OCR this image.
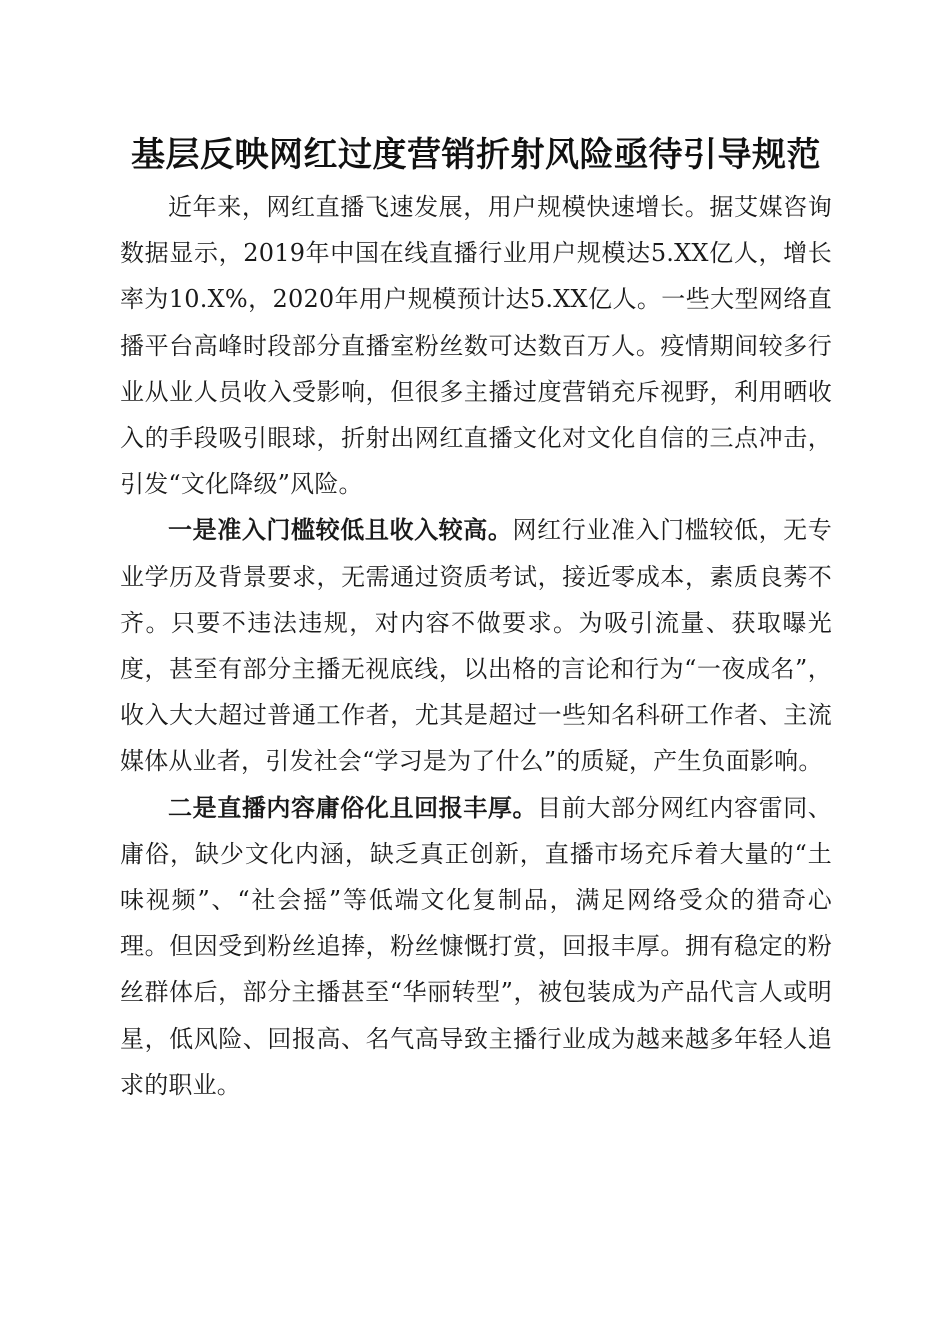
基层反映网红过度营销折射风险亟待引导规范

近年来，网红直播飞速发展，用户规模快速增长。据艾媒咨询数据显示，2019年中国在线直播行业用户规模达5.XX亿人，增长率为10.X%，2020年用户规模预计达5.XX亿人。一些大型网络直播平台高峰时段部分直播室粉丝数可达数百万人。疫情期间较多行业从业人员收入受影响，但很多主播过度营销充斥视野，利用晒收入的手段吸引眼球，折射出网红直播文化对文化自信的三点冲击，引发“文化降级”风险。

一是准入门槛较低且收入较高。网红行业准入门槛较低，无专业学历及背景要求，无需通过资质考试，接近零成本，素质良莠不齐。只要不违法违规，对内容不做要求。为吸引流量、获取曝光度，甚至有部分主播无视底线，以出格的言论和行为“一夜成名”，收入大大超过普通工作者，尤其是超过一些知名科研工作者、主流媒体从业者，引发社会“学习是为了什么”的质疑，产生负面影响。

二是直播内容庸俗化且回报丰厚。目前大部分网红内容雷同、庸俗，缺少文化内涵，缺乏真正创新，直播市场充斥着大量的“土味视频”、“社会摇”等低端文化复制品，满足网络受众的猎奇心理。但因受到粉丝追捧，粉丝慷慨打赏，回报丰厚。拥有稳定的粉丝群体后，部分主播甚至“华丽转型”，被包装成为产品代言人或明星，低风险、回报高、名气高导致主播行业成为越来越多年轻人追求的职业。
